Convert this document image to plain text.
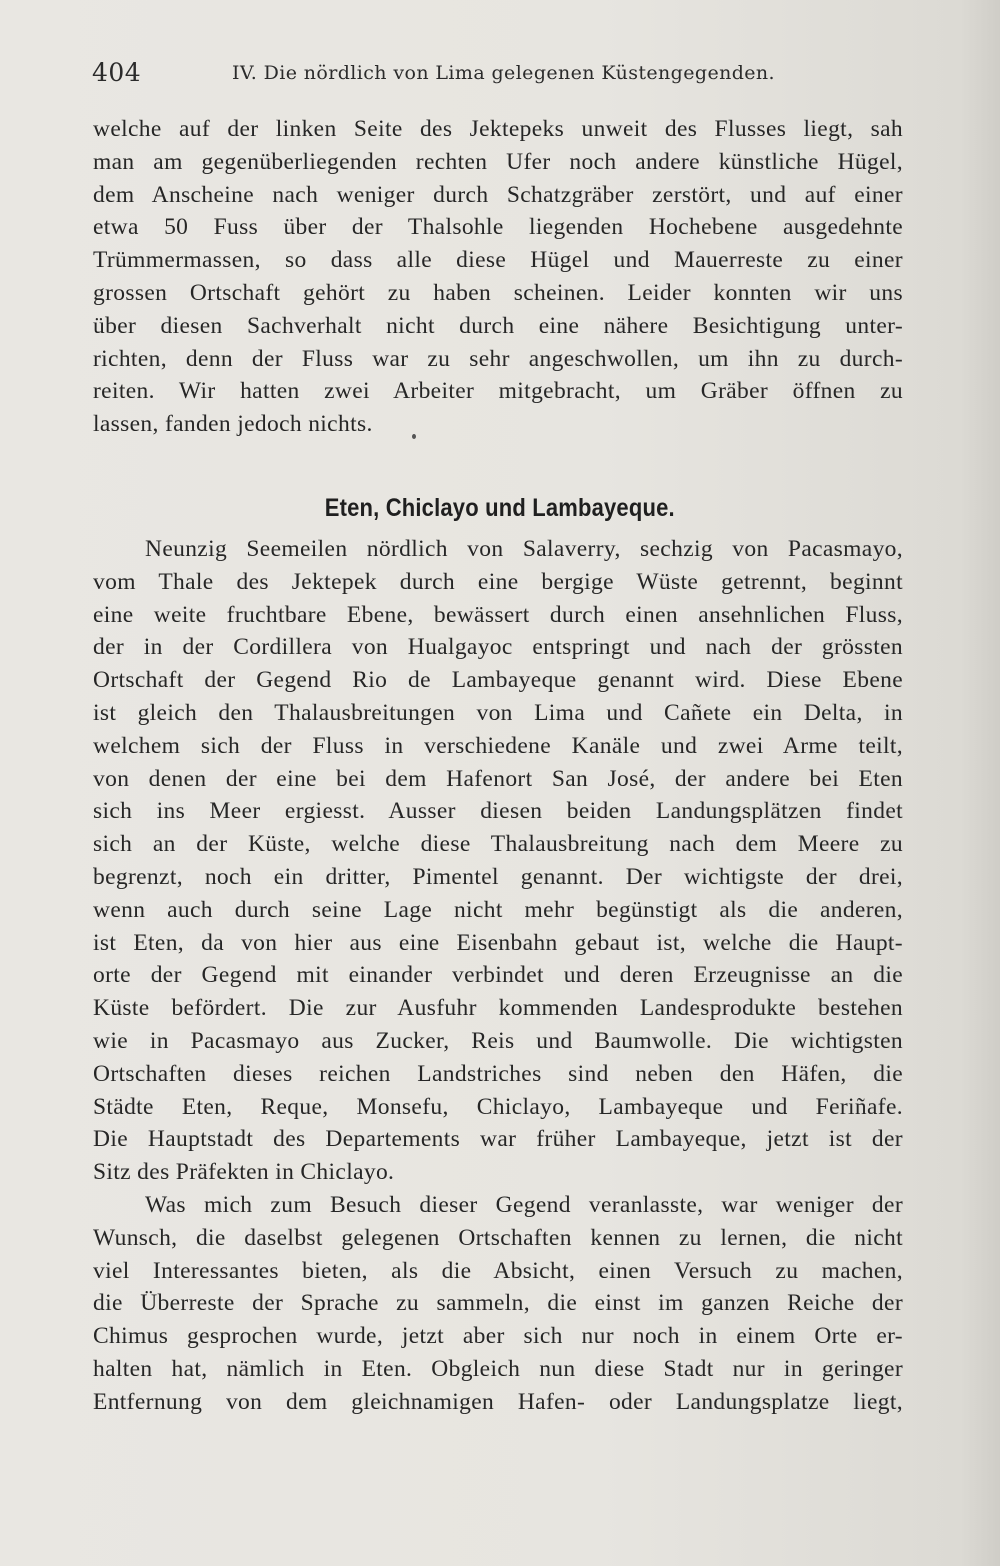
404	IV. Die nördlich von Lima gelegenen Küstengegenden.
welche auf der linken Seite des Jektepeks unweit des Flusses liegt, sah
man am gegenüberliegenden rechten Ufer noch andere künstliche Hügel,
dem Anscheine nach weniger durch Schatzgräber zerstört, und auf einer
etwa 50 Fuss über der Thalsohle liegenden Hochebene ausgedehnte
Trümmermassen, so dass alle diese Hügel und Mauerreste zu einer
grossen Ortschaft gehört zu haben scheinen. Leider konnten wir uns
über diesen Sachverhalt nicht durch eine nähere Besichtigung unter-
richten, denn der Fluss war zu sehr angeschwollen, um ihn zu durch-
reiten. Wir hatten zwei Arbeiter mitgebracht, um Gräber öffnen zu
lassen, fanden jedoch nichts.
Eten, Chiclayo und Lambayeque.
Neunzig Seemeilen nördlich von Salaverry, sechzig von Pacasmayo,
vom Thale des Jektepek durch eine bergige Wüste getrennt, beginnt
eine weite fruchtbare Ebene, bewässert durch einen ansehnlichen Fluss,
der in der Cordillera von Hualgayoc entspringt und nach der grössten
Ortschaft der Gegend Rio de Lambayeque genannt wird. Diese Ebene
ist gleich den Thalausbreitungen von Lima und Cañete ein Delta, in
welchem sich der Fluss in verschiedene Kanäle und zwei Arme teilt,
von denen der eine bei dem Hafenort San José, der andere bei Eten
sich ins Meer ergiesst. Ausser diesen beiden Landungsplätzen findet
sich an der Küste, welche diese Thalausbreitung nach dem Meere zu
begrenzt, noch ein dritter, Pimentel genannt. Der wichtigste der drei,
wenn auch durch seine Lage nicht mehr begünstigt als die anderen,
ist Eten, da von hier aus eine Eisenbahn gebaut ist, welche die Haupt-
orte der Gegend mit einander verbindet und deren Erzeugnisse an die
Küste befördert. Die zur Ausfuhr kommenden Landesprodukte bestehen
wie in Pacasmayo aus Zucker, Reis und Baumwolle. Die wichtigsten
Ortschaften dieses reichen Landstriches sind neben den Häfen, die
Städte Eten, Reque, Monsefu, Chiclayo, Lambayeque und Feriñafe.
Die Hauptstadt des Departements war früher Lambayeque, jetzt ist der
Sitz des Präfekten in Chiclayo.
Was mich zum Besuch dieser Gegend veranlasste, war weniger der
Wunsch, die daselbst gelegenen Ortschaften kennen zu lernen, die nicht
viel Interessantes bieten, als die Absicht, einen Versuch zu machen,
die Überreste der Sprache zu sammeln, die einst im ganzen Reiche der
Chimus gesprochen wurde, jetzt aber sich nur noch in einem Orte er-
halten hat, nämlich in Eten. Obgleich nun diese Stadt nur in geringer
Entfernung von dem gleichnamigen Hafen- oder Landungsplatze liegt,
